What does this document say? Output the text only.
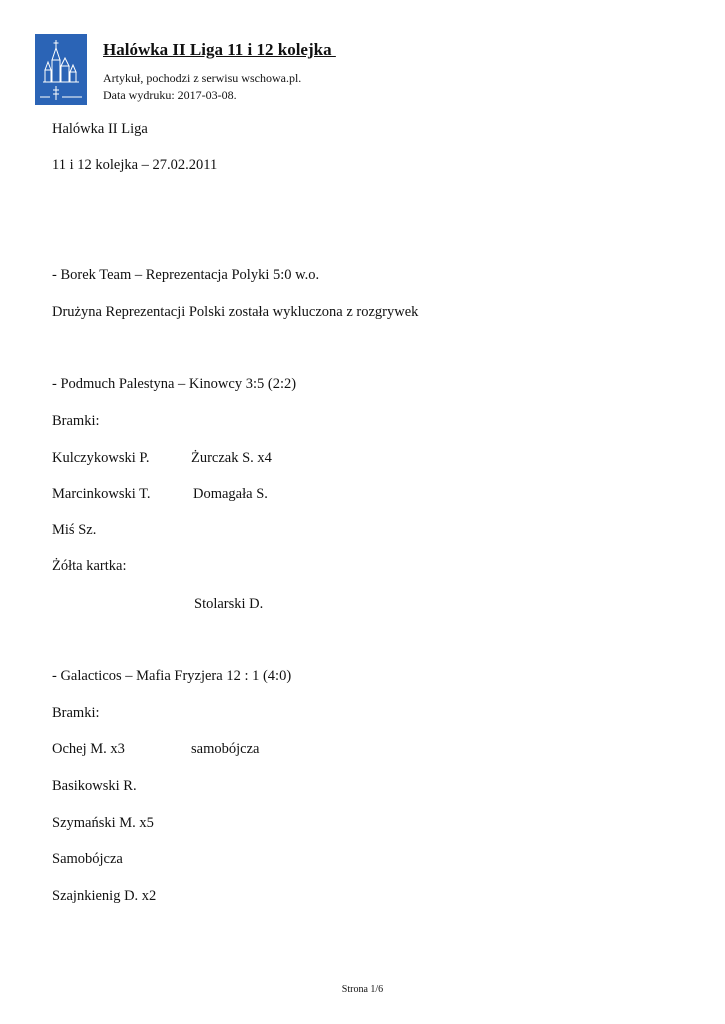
Halówka II Liga 11 i 12 kolejka
Artykuł, pochodzi z serwisu wschowa.pl.
Data wydruku: 2017-03-08.
Halówka II Liga
11 i 12 kolejka – 27.02.2011
- Borek Team – Reprezentacja Polyki 5:0 w.o.
Drużyna Reprezentacji Polski została wykluczona z rozgrywek
- Podmuch Palestyna – Kinowcy 3:5 (2:2)
Bramki:
Kulczykowski P.	Żurczak S. x4
Marcinkowski T.	Domagała S.
Miś Sz.
Żółta kartka:
Stolarski D.
- Galacticos – Mafia Fryzjera 12 : 1 (4:0)
Bramki:
Ochej M. x3	samobójcza
Basikowski R.
Szymański M. x5
Samobójcza
Szajnkienig D. x2
Strona 1/6
